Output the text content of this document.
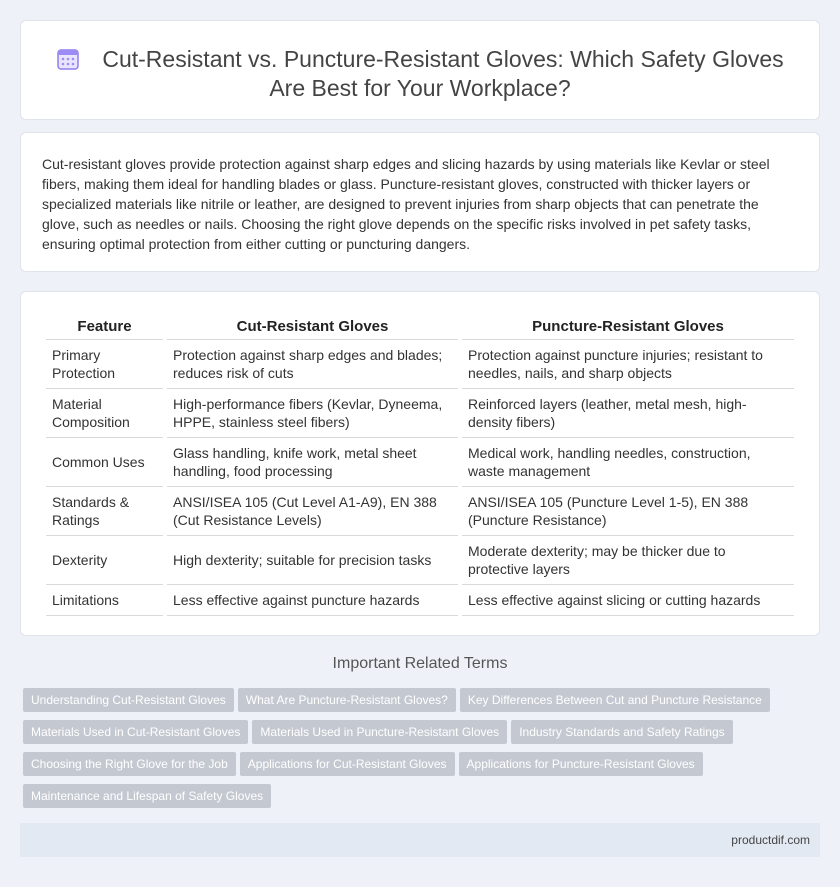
Cut-Resistant vs. Puncture-Resistant Gloves: Which Safety Gloves Are Best for Your Workplace?

Cut-resistant gloves provide protection against sharp edges and slicing hazards by using materials like Kevlar or steel fibers, making them ideal for handling blades or glass. Puncture-resistant gloves, constructed with thicker layers or specialized materials like nitrile or leather, are designed to prevent injuries from sharp objects that can penetrate the glove, such as needles or nails. Choosing the right glove depends on the specific risks involved in pet safety tasks, ensuring optimal protection from either cutting or puncturing dangers.

Feature	Cut-Resistant Gloves	Puncture-Resistant Gloves
Primary Protection	Protection against sharp edges and blades; reduces risk of cuts	Protection against puncture injuries; resistant to needles, nails, and sharp objects
Material Composition	High-performance fibers (Kevlar, Dyneema, HPPE, stainless steel fibers)	Reinforced layers (leather, metal mesh, high-density fibers)
Common Uses	Glass handling, knife work, metal sheet handling, food processing	Medical work, handling needles, construction, waste management
Standards & Ratings	ANSI/ISEA 105 (Cut Level A1-A9), EN 388 (Cut Resistance Levels)	ANSI/ISEA 105 (Puncture Level 1-5), EN 388 (Puncture Resistance)
Dexterity	High dexterity; suitable for precision tasks	Moderate dexterity; may be thicker due to protective layers
Limitations	Less effective against puncture hazards	Less effective against slicing or cutting hazards
Important Related Terms
Understanding Cut-Resistant Gloves What Are Puncture-Resistant Gloves? Key Differences Between Cut and Puncture ResistanceMaterials Used in Cut-Resistant Gloves Materials Used in Puncture-Resistant Gloves Industry Standards and Safety RatingsChoosing the Right Glove for the Job Applications for Cut-Resistant Gloves Applications for Puncture-Resistant GlovesMaintenance and Lifespan of Safety Gloves
productdif.com
